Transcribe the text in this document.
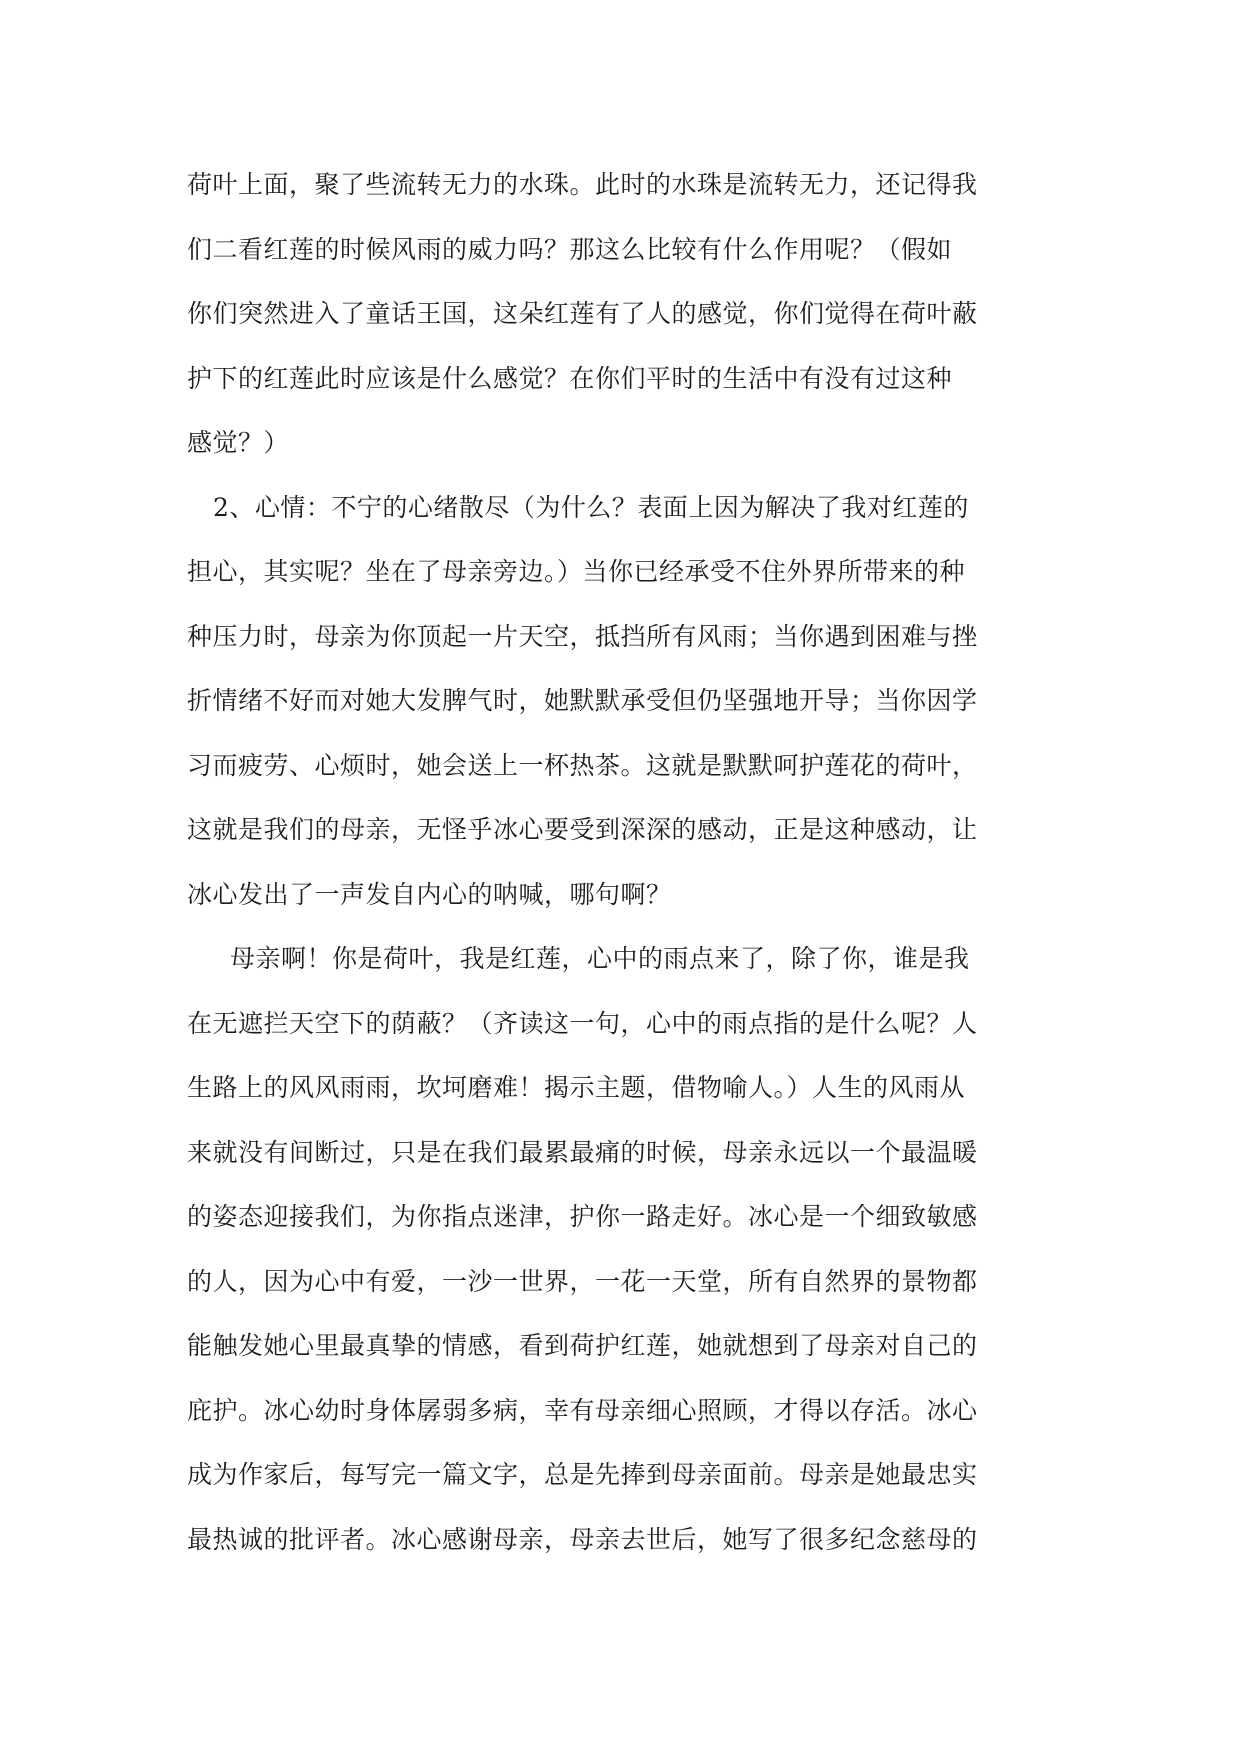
荷叶上面，聚了些流转无力的水珠。此时的水珠是流转无力，还记得我
们二看红莲的时候风雨的威力吗？那这么比较有什么作用呢？（假如
你们突然进入了童话王国，这朵红莲有了人的感觉，你们觉得在荷叶蔽
护下的红莲此时应该是什么感觉？在你们平时的生活中有没有过这种
感觉？）
2、心情：不宁的心绪散尽（为什么？表面上因为解决了我对红莲的
担心，其实呢？坐在了母亲旁边。）当你已经承受不住外界所带来的种
种压力时，母亲为你顶起一片天空，抵挡所有风雨；当你遇到困难与挫
折情绪不好而对她大发脾气时，她默默承受但仍坚强地开导；当你因学
习而疲劳、心烦时，她会送上一杯热茶。这就是默默呵护莲花的荷叶，
这就是我们的母亲，无怪乎冰心要受到深深的感动，正是这种感动，让
冰心发出了一声发自内心的呐喊，哪句啊？
母亲啊！你是荷叶，我是红莲，心中的雨点来了，除了你，谁是我
在无遮拦天空下的荫蔽？（齐读这一句，心中的雨点指的是什么呢？人
生路上的风风雨雨，坎坷磨难！揭示主题，借物喻人。）人生的风雨从
来就没有间断过，只是在我们最累最痛的时候，母亲永远以一个最温暖
的姿态迎接我们，为你指点迷津，护你一路走好。冰心是一个细致敏感
的人，因为心中有爱，一沙一世界，一花一天堂，所有自然界的景物都
能触发她心里最真挚的情感，看到荷护红莲，她就想到了母亲对自己的
庇护。冰心幼时身体孱弱多病，幸有母亲细心照顾，才得以存活。冰心
成为作家后，每写完一篇文字，总是先捧到母亲面前。母亲是她最忠实
最热诚的批评者。冰心感谢母亲，母亲去世后，她写了很多纪念慈母的
